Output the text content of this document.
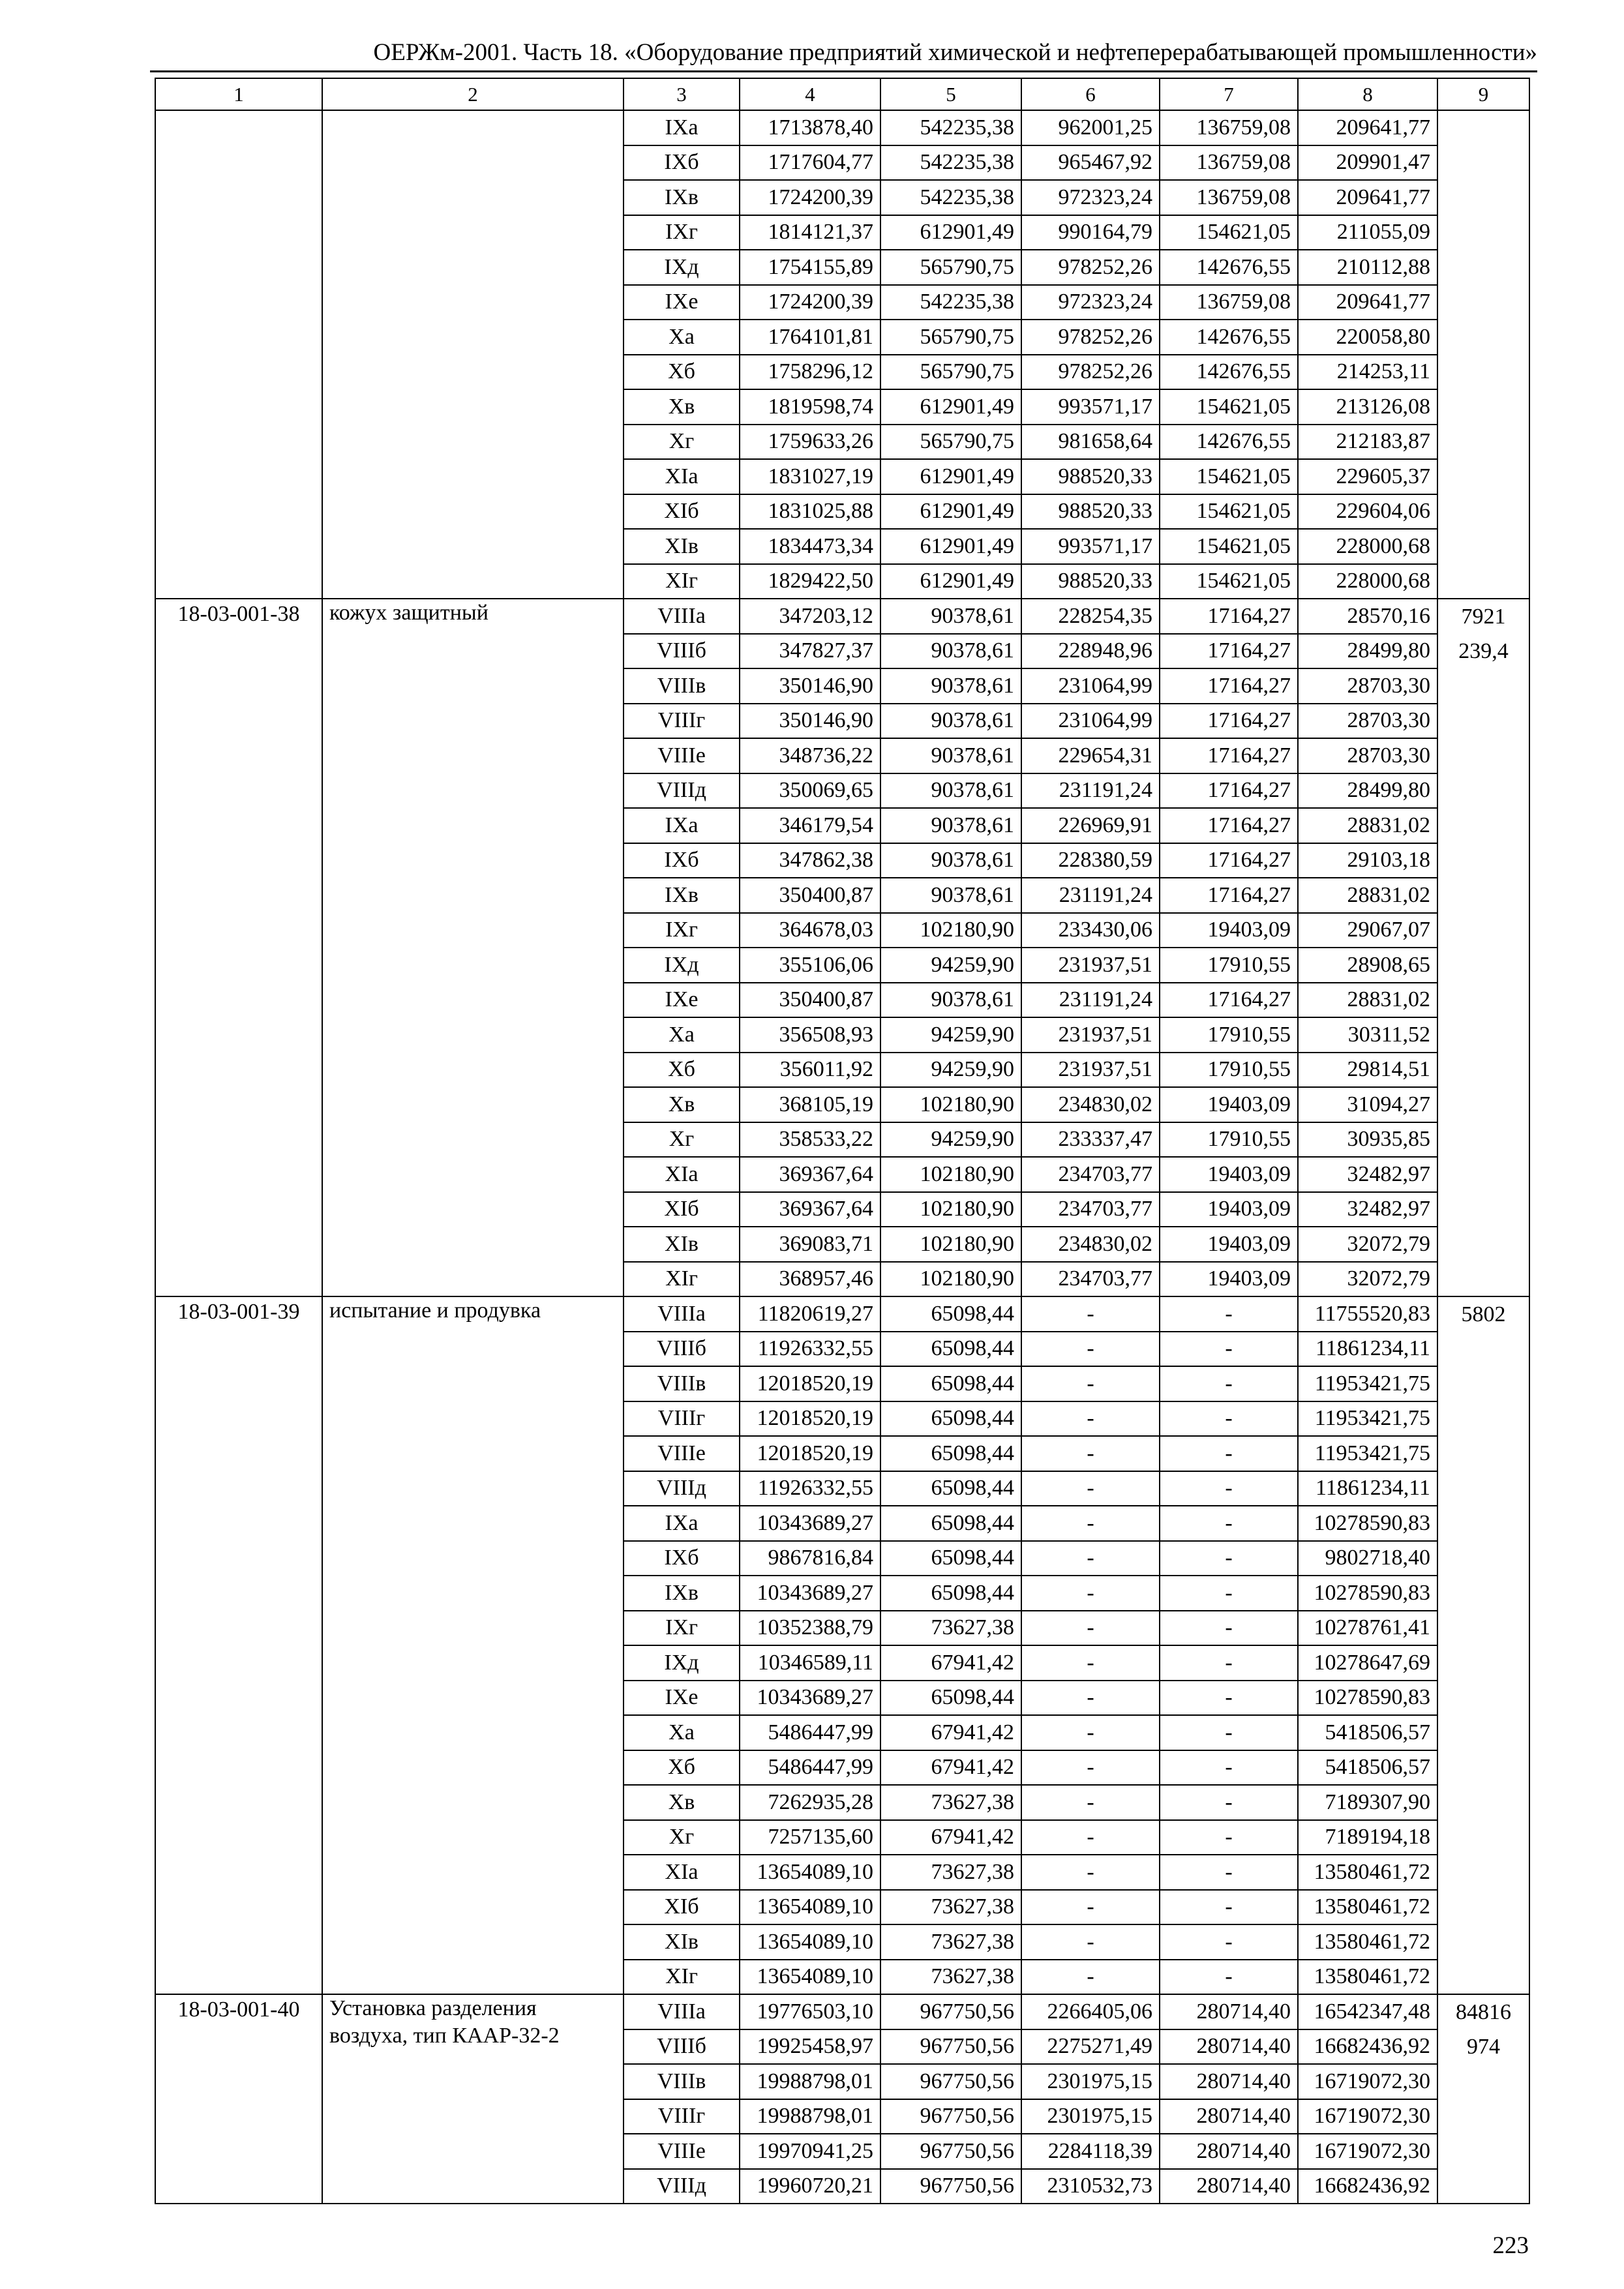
ОЕРЖм-2001. Часть 18. «Оборудование предприятий химической и нефтеперерабатывающей промышленности»
1	2	3	4	5	6	7	8	9
		IXа	1713878,40	542235,38	962001,25	136759,08	209641,77	
		IXб	1717604,77	542235,38	965467,92	136759,08	209901,47	
		IXв	1724200,39	542235,38	972323,24	136759,08	209641,77	
		IXг	1814121,37	612901,49	990164,79	154621,05	211055,09	
		IXд	1754155,89	565790,75	978252,26	142676,55	210112,88	
		IXе	1724200,39	542235,38	972323,24	136759,08	209641,77	
		Xа	1764101,81	565790,75	978252,26	142676,55	220058,80	
		Xб	1758296,12	565790,75	978252,26	142676,55	214253,11	
		Xв	1819598,74	612901,49	993571,17	154621,05	213126,08	
		Xг	1759633,26	565790,75	981658,64	142676,55	212183,87	
		XIа	1831027,19	612901,49	988520,33	154621,05	229605,37	
		XIб	1831025,88	612901,49	988520,33	154621,05	229604,06	
		XIв	1834473,34	612901,49	993571,17	154621,05	228000,68	
		XIг	1829422,50	612901,49	988520,33	154621,05	228000,68	
18-03-001-38	кожух защитный	VIIIа	347203,12	90378,61	228254,35	17164,27	28570,16	7921
239,4

		VIIIб	347827,37	90378,61	228948,96	17164,27	28499,80	
		VIIIв	350146,90	90378,61	231064,99	17164,27	28703,30	
		VIIIг	350146,90	90378,61	231064,99	17164,27	28703,30	
		VIIIе	348736,22	90378,61	229654,31	17164,27	28703,30	
		VIIIд	350069,65	90378,61	231191,24	17164,27	28499,80	
		IXа	346179,54	90378,61	226969,91	17164,27	28831,02	
		IXб	347862,38	90378,61	228380,59	17164,27	29103,18	
		IXв	350400,87	90378,61	231191,24	17164,27	28831,02	
		IXг	364678,03	102180,90	233430,06	19403,09	29067,07	
		IXд	355106,06	94259,90	231937,51	17910,55	28908,65	
		IXе	350400,87	90378,61	231191,24	17164,27	28831,02	
		Xа	356508,93	94259,90	231937,51	17910,55	30311,52	
		Xб	356011,92	94259,90	231937,51	17910,55	29814,51	
		Xв	368105,19	102180,90	234830,02	19403,09	31094,27	
		Xг	358533,22	94259,90	233337,47	17910,55	30935,85	
		XIа	369367,64	102180,90	234703,77	19403,09	32482,97	
		XIб	369367,64	102180,90	234703,77	19403,09	32482,97	
		XIв	369083,71	102180,90	234830,02	19403,09	32072,79	
		XIг	368957,46	102180,90	234703,77	19403,09	32072,79	
18-03-001-39	испытание и продувка	VIIIа	11820619,27	65098,44	-	-	11755520,83	5802

		VIIIб	11926332,55	65098,44	-	-	11861234,11	
		VIIIв	12018520,19	65098,44	-	-	11953421,75	
		VIIIг	12018520,19	65098,44	-	-	11953421,75	
		VIIIе	12018520,19	65098,44	-	-	11953421,75	
		VIIIд	11926332,55	65098,44	-	-	11861234,11	
		IXа	10343689,27	65098,44	-	-	10278590,83	
		IXб	9867816,84	65098,44	-	-	9802718,40	
		IXв	10343689,27	65098,44	-	-	10278590,83	
		IXг	10352388,79	73627,38	-	-	10278761,41	
		IXд	10346589,11	67941,42	-	-	10278647,69	
		IXе	10343689,27	65098,44	-	-	10278590,83	
		Xа	5486447,99	67941,42	-	-	5418506,57	
		Xб	5486447,99	67941,42	-	-	5418506,57	
		Xв	7262935,28	73627,38	-	-	7189307,90	
		Xг	7257135,60	67941,42	-	-	7189194,18	
		XIа	13654089,10	73627,38	-	-	13580461,72	
		XIб	13654089,10	73627,38	-	-	13580461,72	
		XIв	13654089,10	73627,38	-	-	13580461,72	
		XIг	13654089,10	73627,38	-	-	13580461,72	
18-03-001-40	Установка разделения воздуха, тип КААР-32-2	VIIIа	19776503,10	967750,56	2266405,06	280714,40	16542347,48	84816
974

		VIIIб	19925458,97	967750,56	2275271,49	280714,40	16682436,92	
		VIIIв	19988798,01	967750,56	2301975,15	280714,40	16719072,30	
		VIIIг	19988798,01	967750,56	2301975,15	280714,40	16719072,30	
		VIIIе	19970941,25	967750,56	2284118,39	280714,40	16719072,30	
		VIIIд	19960720,21	967750,56	2310532,73	280714,40	16682436,92	
223
